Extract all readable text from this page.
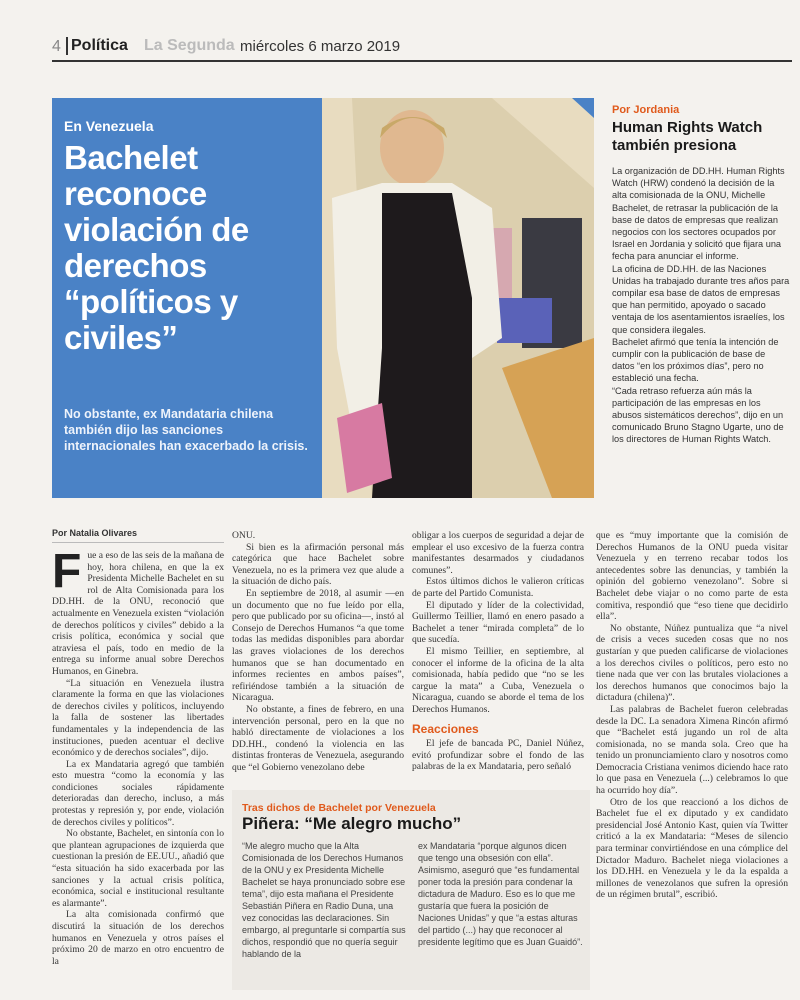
4 Política La Segunda miércoles 6 marzo 2019
En Venezuela
Bachelet reconoce violación de derechos “políticos y civiles”
No obstante, ex Mandataria chilena también dijo las sanciones internacionales han exacerbado la crisis.
Por Jordania
Human Rights Watch también presiona

La organización de DD.HH. Human Rights Watch (HRW) condenó la decisión de la alta comisionada de la ONU, Michelle Bachelet, de retrasar la publicación de la base de datos de empresas que realizan negocios con los sectores ocupados por Israel en Jordania y solicitó que fijara una fecha para anunciar el informe.

La oficina de DD.HH. de las Naciones Unidas ha trabajado durante tres años para compilar esa base de datos de empresas que han permitido, apoyado o sacado ventaja de los asentamientos israelíes, los que considera ilegales.

Bachelet afirmó que tenía la intención de cumplir con la publicación de base de datos “en los próximos días”, pero no estableció una fecha.

“Cada retraso refuerza aún más la participación de las empresas en los abusos sistemáticos derechos”, dijo en un comunicado Bruno Stagno Ugarte, uno de los directores de Human Rights Watch.

Por Natalia Olivares

Fue a eso de las seis de la mañana de hoy, hora chilena, en que la ex Presidenta Michelle Bachelet en su rol de Alta Comisionada para los DD.HH. de la ONU, reconoció que actualmente en Venezuela existen “violación de derechos políticos y civiles” debido a la crisis política, económica y social que atraviesa el país, todo en medio de la entrega su informe anual sobre Derechos Humanos, en Ginebra.

“La situación en Venezuela ilustra claramente la forma en que las violaciones de derechos civiles y políticos, incluyendo la falla de sostener las libertades fundamentales y la independencia de las instituciones, pueden acentuar el declive económico y de derechos sociales”, dijo.

La ex Mandataria agregó que también esto muestra “como la economía y las condiciones sociales rápidamente deterioradas dan derecho, incluso, a más protestas y represión y, por ende, violación de derechos civiles y políticos”.

No obstante, Bachelet, en sintonía con lo que plantean agrupaciones de izquierda que cuestionan la presión de EE.UU., añadió que “esta situación ha sido exacerbada por las sanciones y la actual crisis política, económica, social e institucional resultante es alarmante”.

La alta comisionada confirmó que discutirá la situación de los derechos humanos en Venezuela y otros países el próximo 20 de marzo en otro encuentro de la

ONU.

Si bien es la afirmación personal más categórica que hace Bachelet sobre Venezuela, no es la primera vez que alude a la situación de dicho país.

En septiembre de 2018, al asumir —en un documento que no fue leído por ella, pero que publicado por su oficina—, instó al Consejo de Derechos Humanos “a que tome todas las medidas disponibles para abordar las graves violaciones de los derechos humanos que se han documentado en informes recientes en ambos países”, refiriéndose también a la situación de Nicaragua.

No obstante, a fines de febrero, en una intervención personal, pero en la que no habló directamente de violaciones a los DD.HH., condenó la violencia en las distintas fronteras de Venezuela, asegurando que “el Gobierno venezolano debe

obligar a los cuerpos de seguridad a dejar de emplear el uso excesivo de la fuerza contra manifestantes desarmados y ciudadanos comunes”.

Estos últimos dichos le valieron críticas de parte del Partido Comunista.

El diputado y líder de la colectividad, Guillermo Teillier, llamó en enero pasado a Bachelet a tener “mirada completa” de lo que sucedía.

El mismo Teillier, en septiembre, al conocer el informe de la oficina de la alta comisionada, había pedido que “no se les cargue la mata” a Cuba, Venezuela o Nicaragua, cuando se aborde el tema de los Derechos Humanos.

Reacciones

El jefe de bancada PC, Daniel Núñez, evitó profundizar sobre el fondo de las palabras de la ex Mandataria, pero señaló

que es “muy importante que la comisión de Derechos Humanos de la ONU pueda visitar Venezuela y en terreno recabar todos los antecedentes sobre las denuncias, y también la opinión del gobierno venezolano”. Sobre si Bachelet debe viajar o no como parte de esta comitiva, respondió que “eso tiene que decidirlo ella”.

No obstante, Núñez puntualiza que “a nivel de crisis a veces suceden cosas que no nos gustarían y que pueden calificarse de violaciones a los derechos civiles o políticos, pero esto no tiene nada que ver con las brutales violaciones a los derechos humanos que conocimos bajo la dictadura (chilena)”.

Las palabras de Bachelet fueron celebradas desde la DC. La senadora Ximena Rincón afirmó que “Bachelet está jugando un rol de alta comisionada, no se manda sola. Creo que ha tenido un pronunciamiento claro y nosotros como Democracia Cristiana venimos diciendo hace rato lo que pasa en Venezuela (...) celebramos lo que ha ocurrido hoy día”.

Otro de los que reaccionó a los dichos de Bachelet fue el ex diputado y ex candidato presidencial José Antonio Kast, quien vía Twitter criticó a la ex Mandataria: “Meses de silencio para terminar convirtiéndose en una cómplice del Dictador Maduro. Bachelet niega violaciones a los DD.HH. en Venezuela y le da la espalda a millones de venezolanos que sufren la opresión de un régimen brutal”, escribió.

Tras dichos de Bachelet por Venezuela
Piñera: “Me alegro mucho”

“Me alegro mucho que la Alta Comisionada de los Derechos Humanos de la ONU y ex Presidenta Michelle Bachelet se haya pronunciado sobre ese tema”, dijo esta mañana el Presidente Sebastián Piñera en Radio Duna, una vez conocidas las declaraciones. Sin embargo, al preguntarle si compartía sus dichos, respondió que no quería seguir hablando de la

ex Mandataria “porque algunos dicen que tengo una obsesión con ella”. Asimismo, aseguró que “es fundamental poner toda la presión para condenar la dictadura de Maduro. Eso es lo que me gustaría que fuera la posición de Naciones Unidas” y que “a estas alturas del partido (...) hay que reconocer al presidente legítimo que es Juan Guaidó”.
